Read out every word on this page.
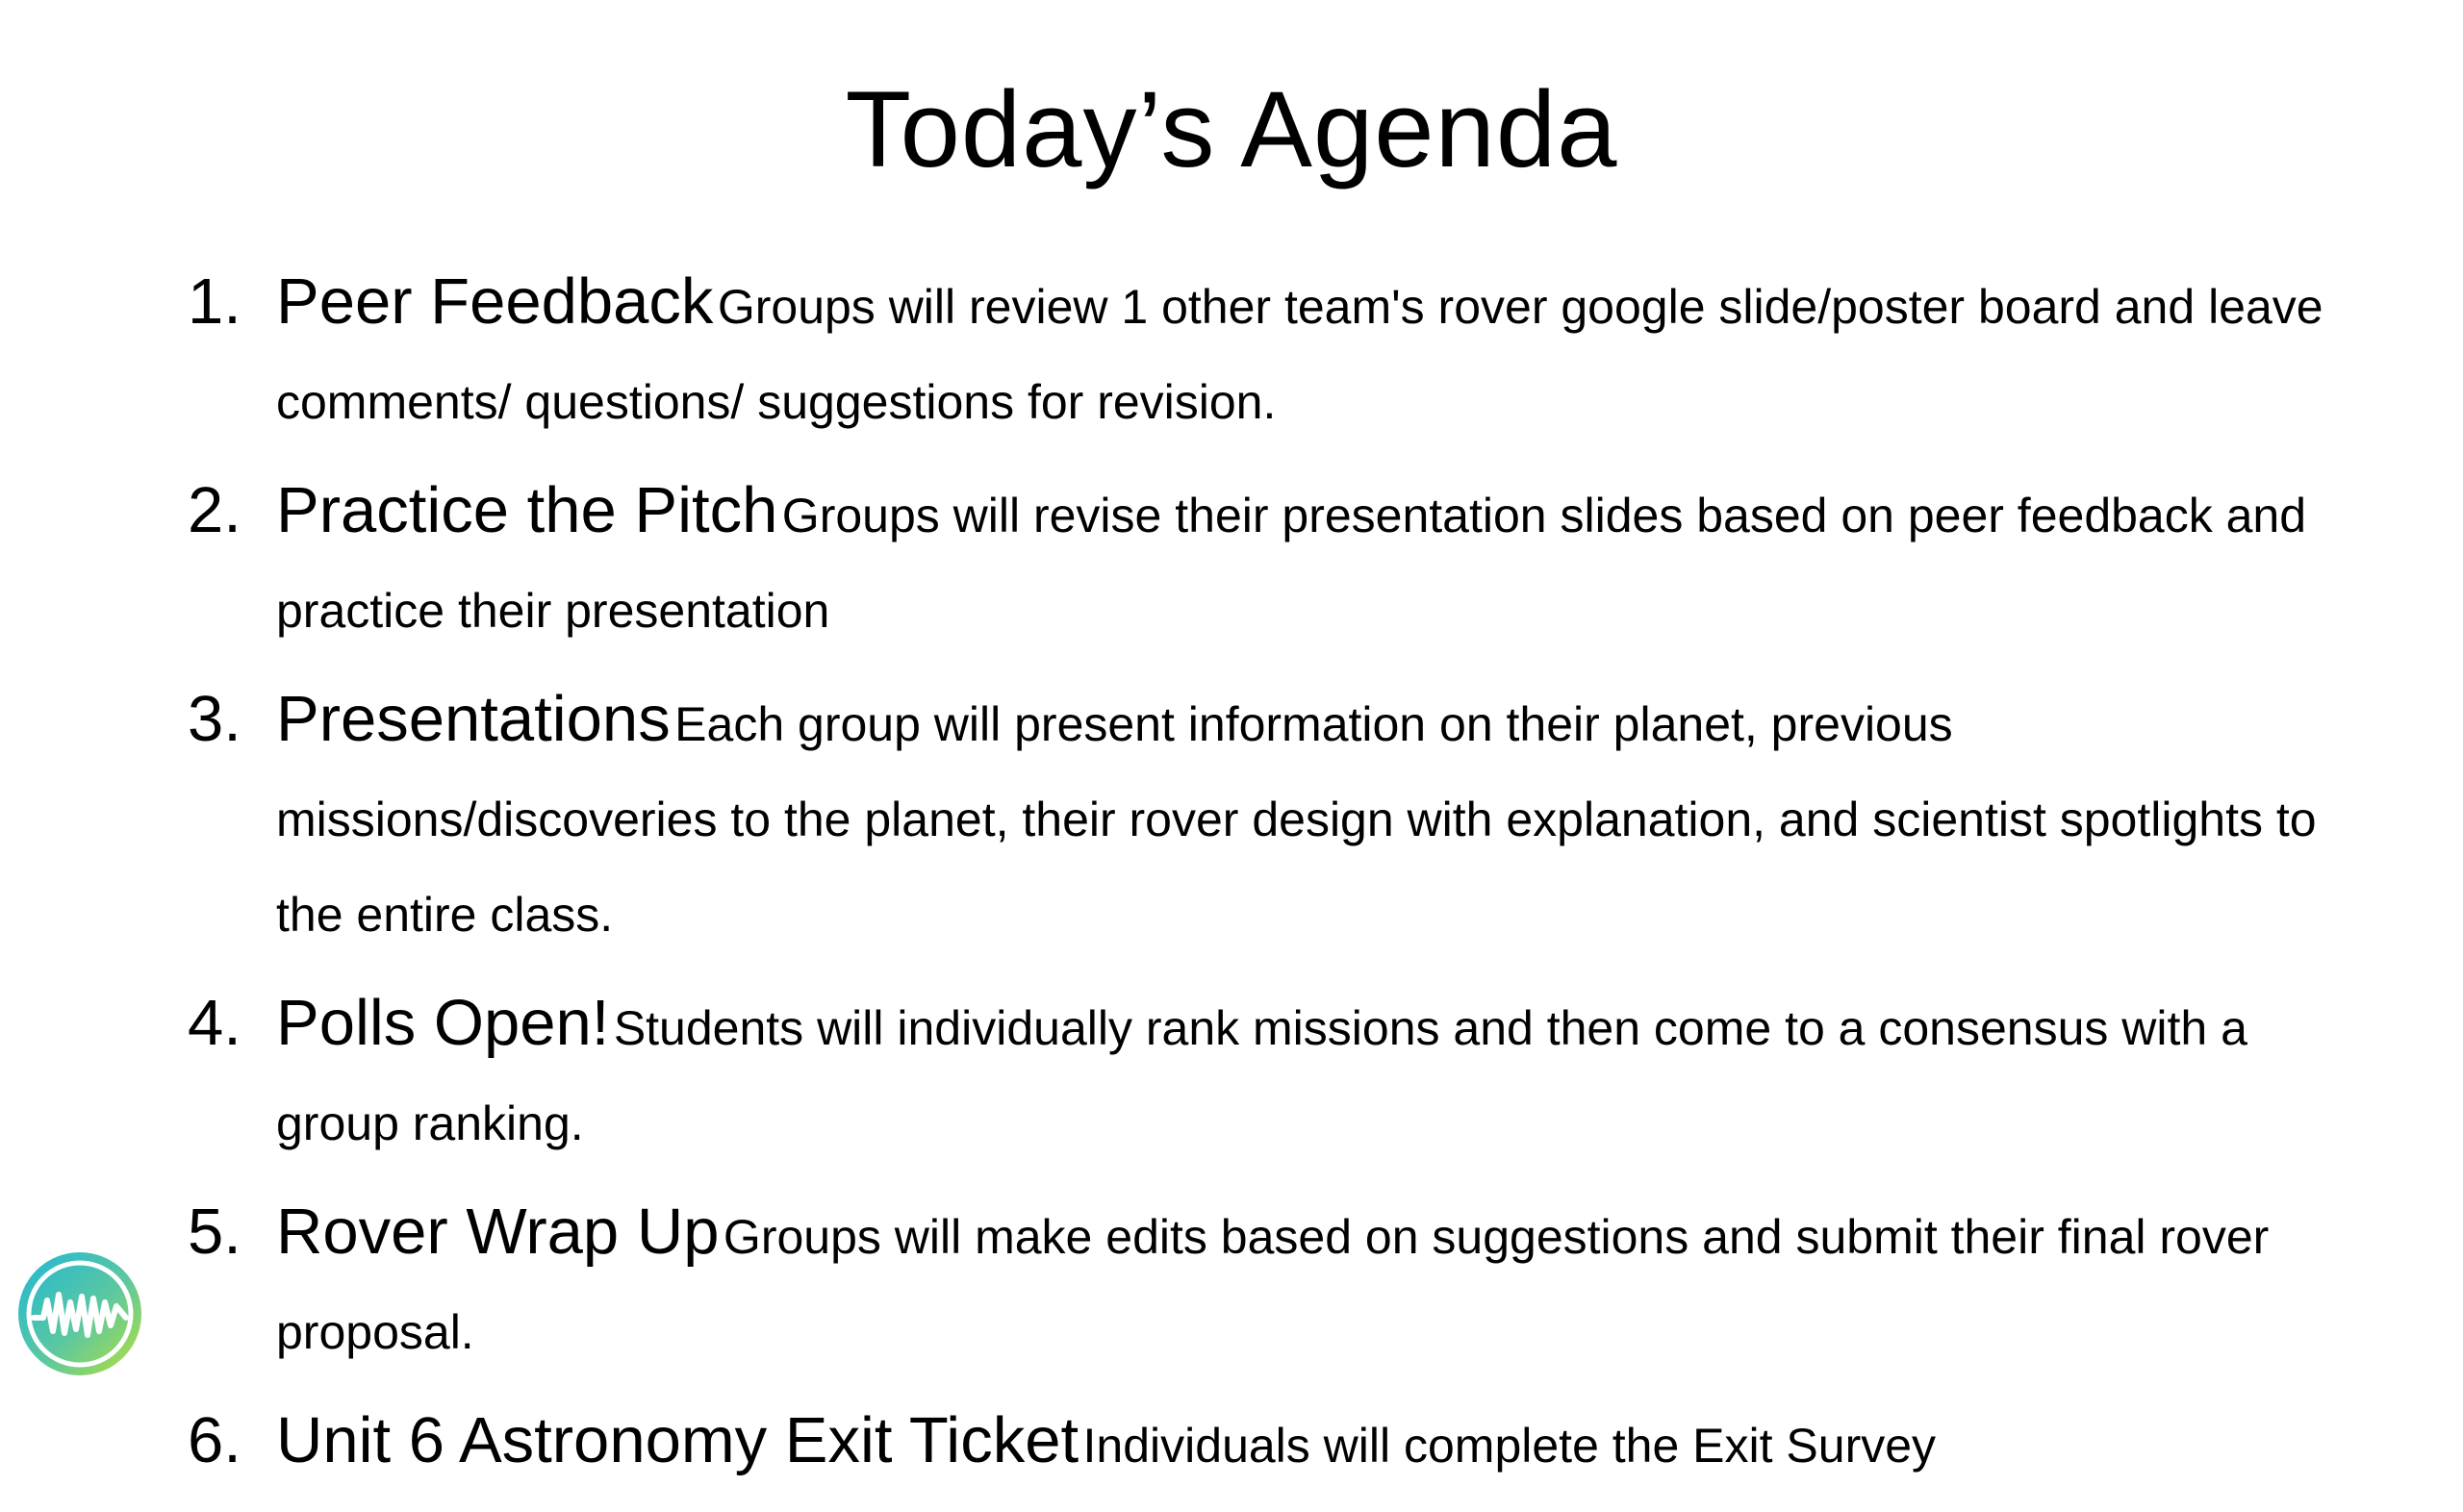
Today’s Agenda
1. Peer Feedback Groups will review 1 other team's rover google slide/poster board and leave comments/ questions/ suggestions for revision.
2. Practice the Pitch Groups will revise their presentation slides based on peer feedback and practice their presentation
3. Presentations Each group will present information on their planet, previous missions/discoveries to the planet, their rover design with explanation, and scientist spotlights to the entire class.
4. Polls Open! Students will individually rank missions and then come to a consensus with a group ranking.
5. Rover Wrap Up Groups will make edits based on suggestions and submit their final rover proposal.
6. Unit 6 Astronomy Exit Ticket Individuals will complete the Exit Survey
